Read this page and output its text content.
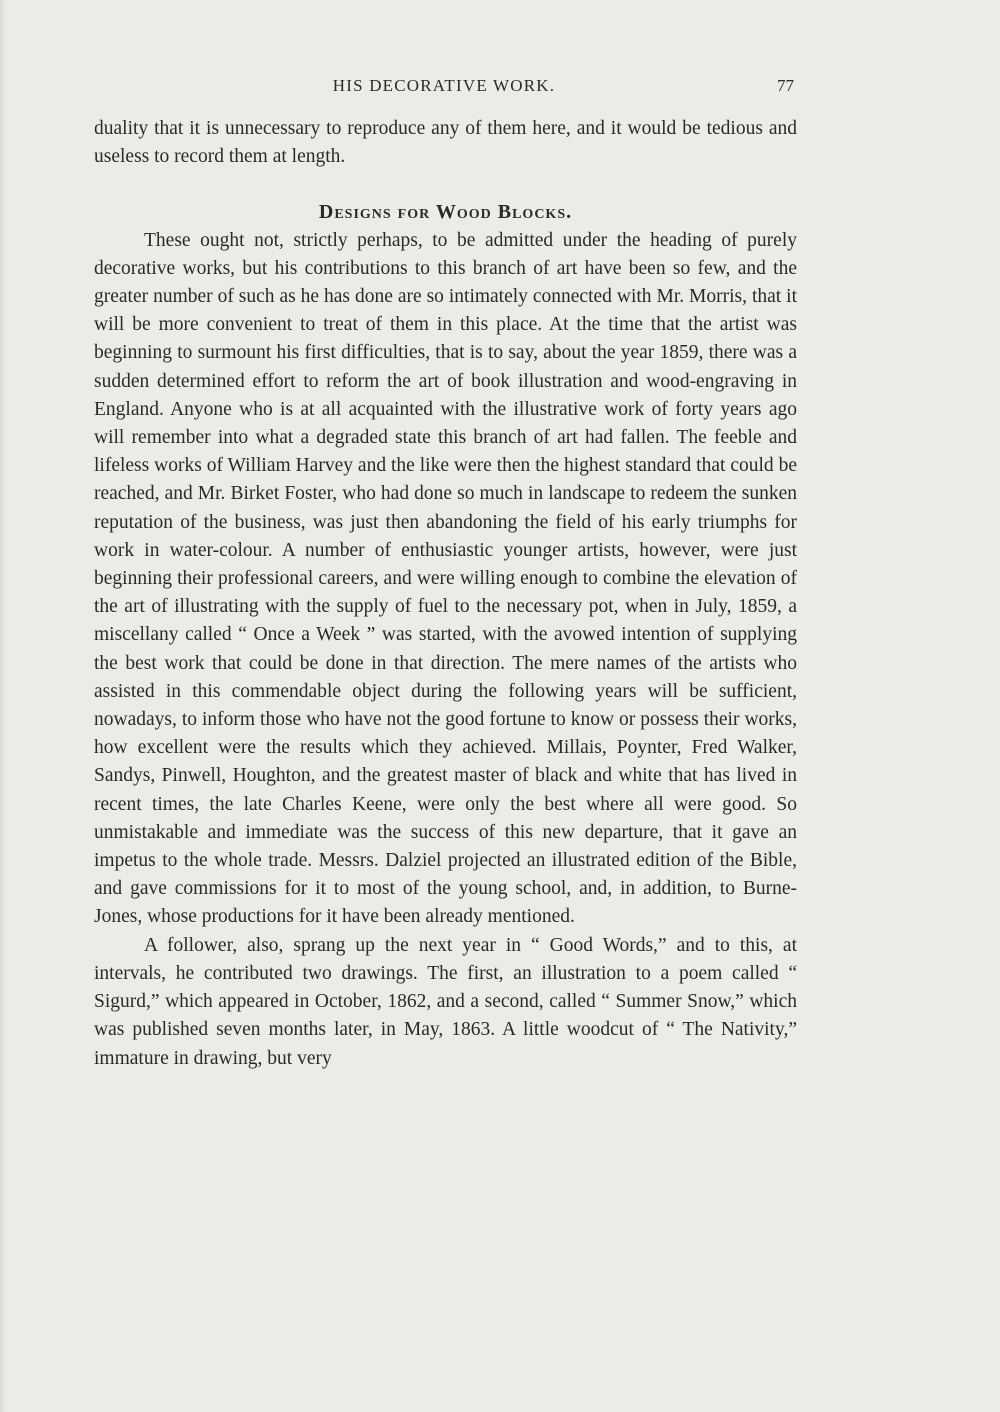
HIS DECORATIVE WORK.	77

duality that it is unnecessary to reproduce any of them here, and it would be tedious and useless to record them at length.

Designs for Wood Blocks.

These ought not, strictly perhaps, to be admitted under the heading of purely decorative works, but his contributions to this branch of art have been so few, and the greater number of such as he has done are so intimately connected with Mr. Morris, that it will be more convenient to treat of them in this place. At the time that the artist was beginning to surmount his first difficulties, that is to say, about the year 1859, there was a sudden determined effort to reform the art of book illustration and wood-engraving in England. Anyone who is at all acquainted with the illustrative work of forty years ago will remember into what a degraded state this branch of art had fallen. The feeble and lifeless works of William Harvey and the like were then the highest standard that could be reached, and Mr. Birket Foster, who had done so much in landscape to redeem the sunken reputation of the business, was just then abandoning the field of his early triumphs for work in water-colour. A number of enthusiastic younger artists, however, were just beginning their professional careers, and were willing enough to combine the elevation of the art of illustrating with the supply of fuel to the necessary pot, when in July, 1859, a miscellany called “ Once a Week ” was started, with the avowed intention of supplying the best work that could be done in that direction. The mere names of the artists who assisted in this commendable object during the following years will be sufficient, nowadays, to inform those who have not the good fortune to know or possess their works, how excellent were the results which they achieved. Millais, Poynter, Fred Walker, Sandys, Pinwell, Houghton, and the greatest master of black and white that has lived in recent times, the late Charles Keene, were only the best where all were good. So unmistakable and immediate was the success of this new departure, that it gave an impetus to the whole trade. Messrs. Dalziel projected an illustrated edition of the Bible, and gave commissions for it to most of the young school, and, in addition, to Burne-Jones, whose productions for it have been already mentioned.

A follower, also, sprang up the next year in “ Good Words,” and to this, at intervals, he contributed two drawings. The first, an illustration to a poem called “ Sigurd,” which appeared in October, 1862, and a second, called “ Summer Snow,” which was published seven months later, in May, 1863. A little woodcut of “ The Nativity,” immature in drawing, but very
